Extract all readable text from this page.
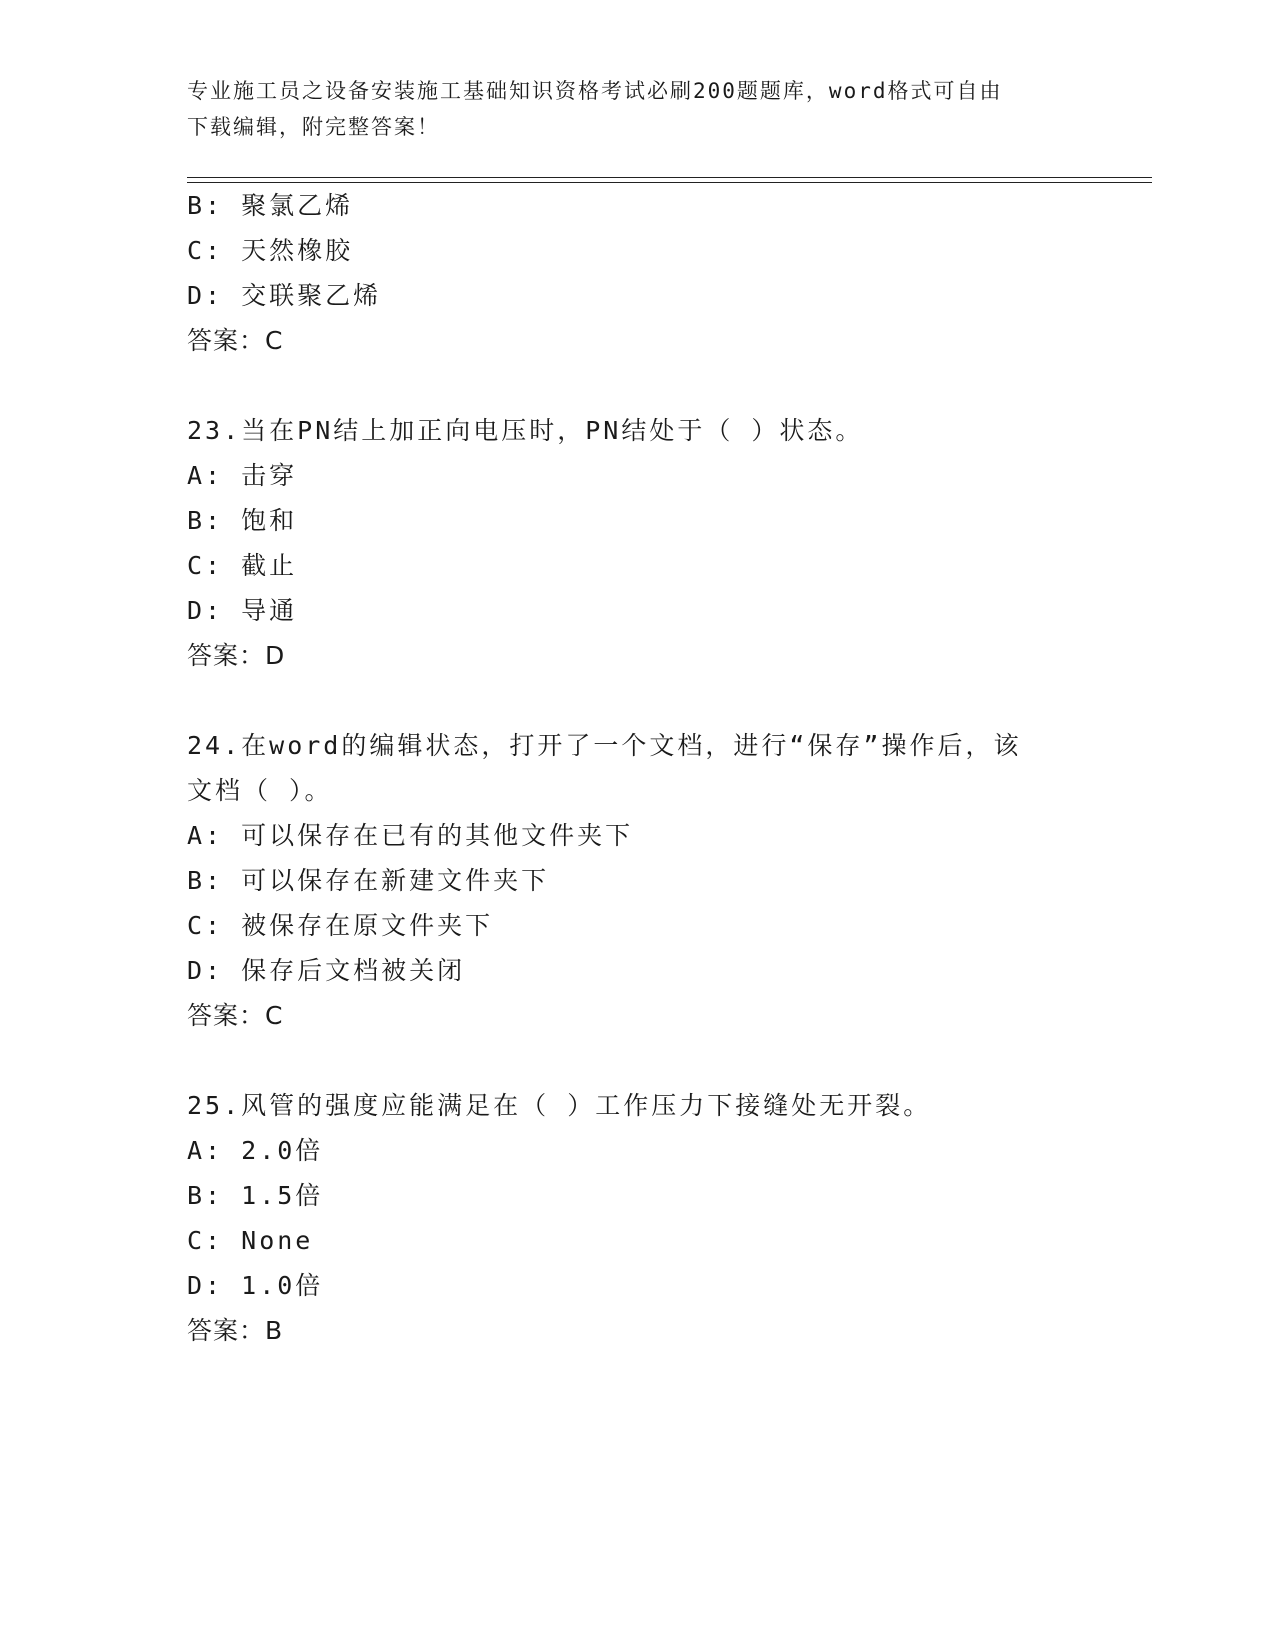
专业施工员之设备安装施工基础知识资格考试必刷200题题库，word格式可自由
下载编辑，附完整答案！
B: 聚氯乙烯
C: 天然橡胶
D: 交联聚乙烯
答案：C
23.当在PN结上加正向电压时，PN结处于（ ）状态。
A: 击穿
B: 饱和
C: 截止
D: 导通
答案：D
24.在word的编辑状态，打开了一个文档，进行“保存”操作后，该
文档（ ）。
A: 可以保存在已有的其他文件夹下
B: 可以保存在新建文件夹下
C: 被保存在原文件夹下
D: 保存后文档被关闭
答案：C
25.风管的强度应能满足在（ ）工作压力下接缝处无开裂。
A: 2.0倍
B: 1.5倍
C: None
D: 1.0倍
答案：B
